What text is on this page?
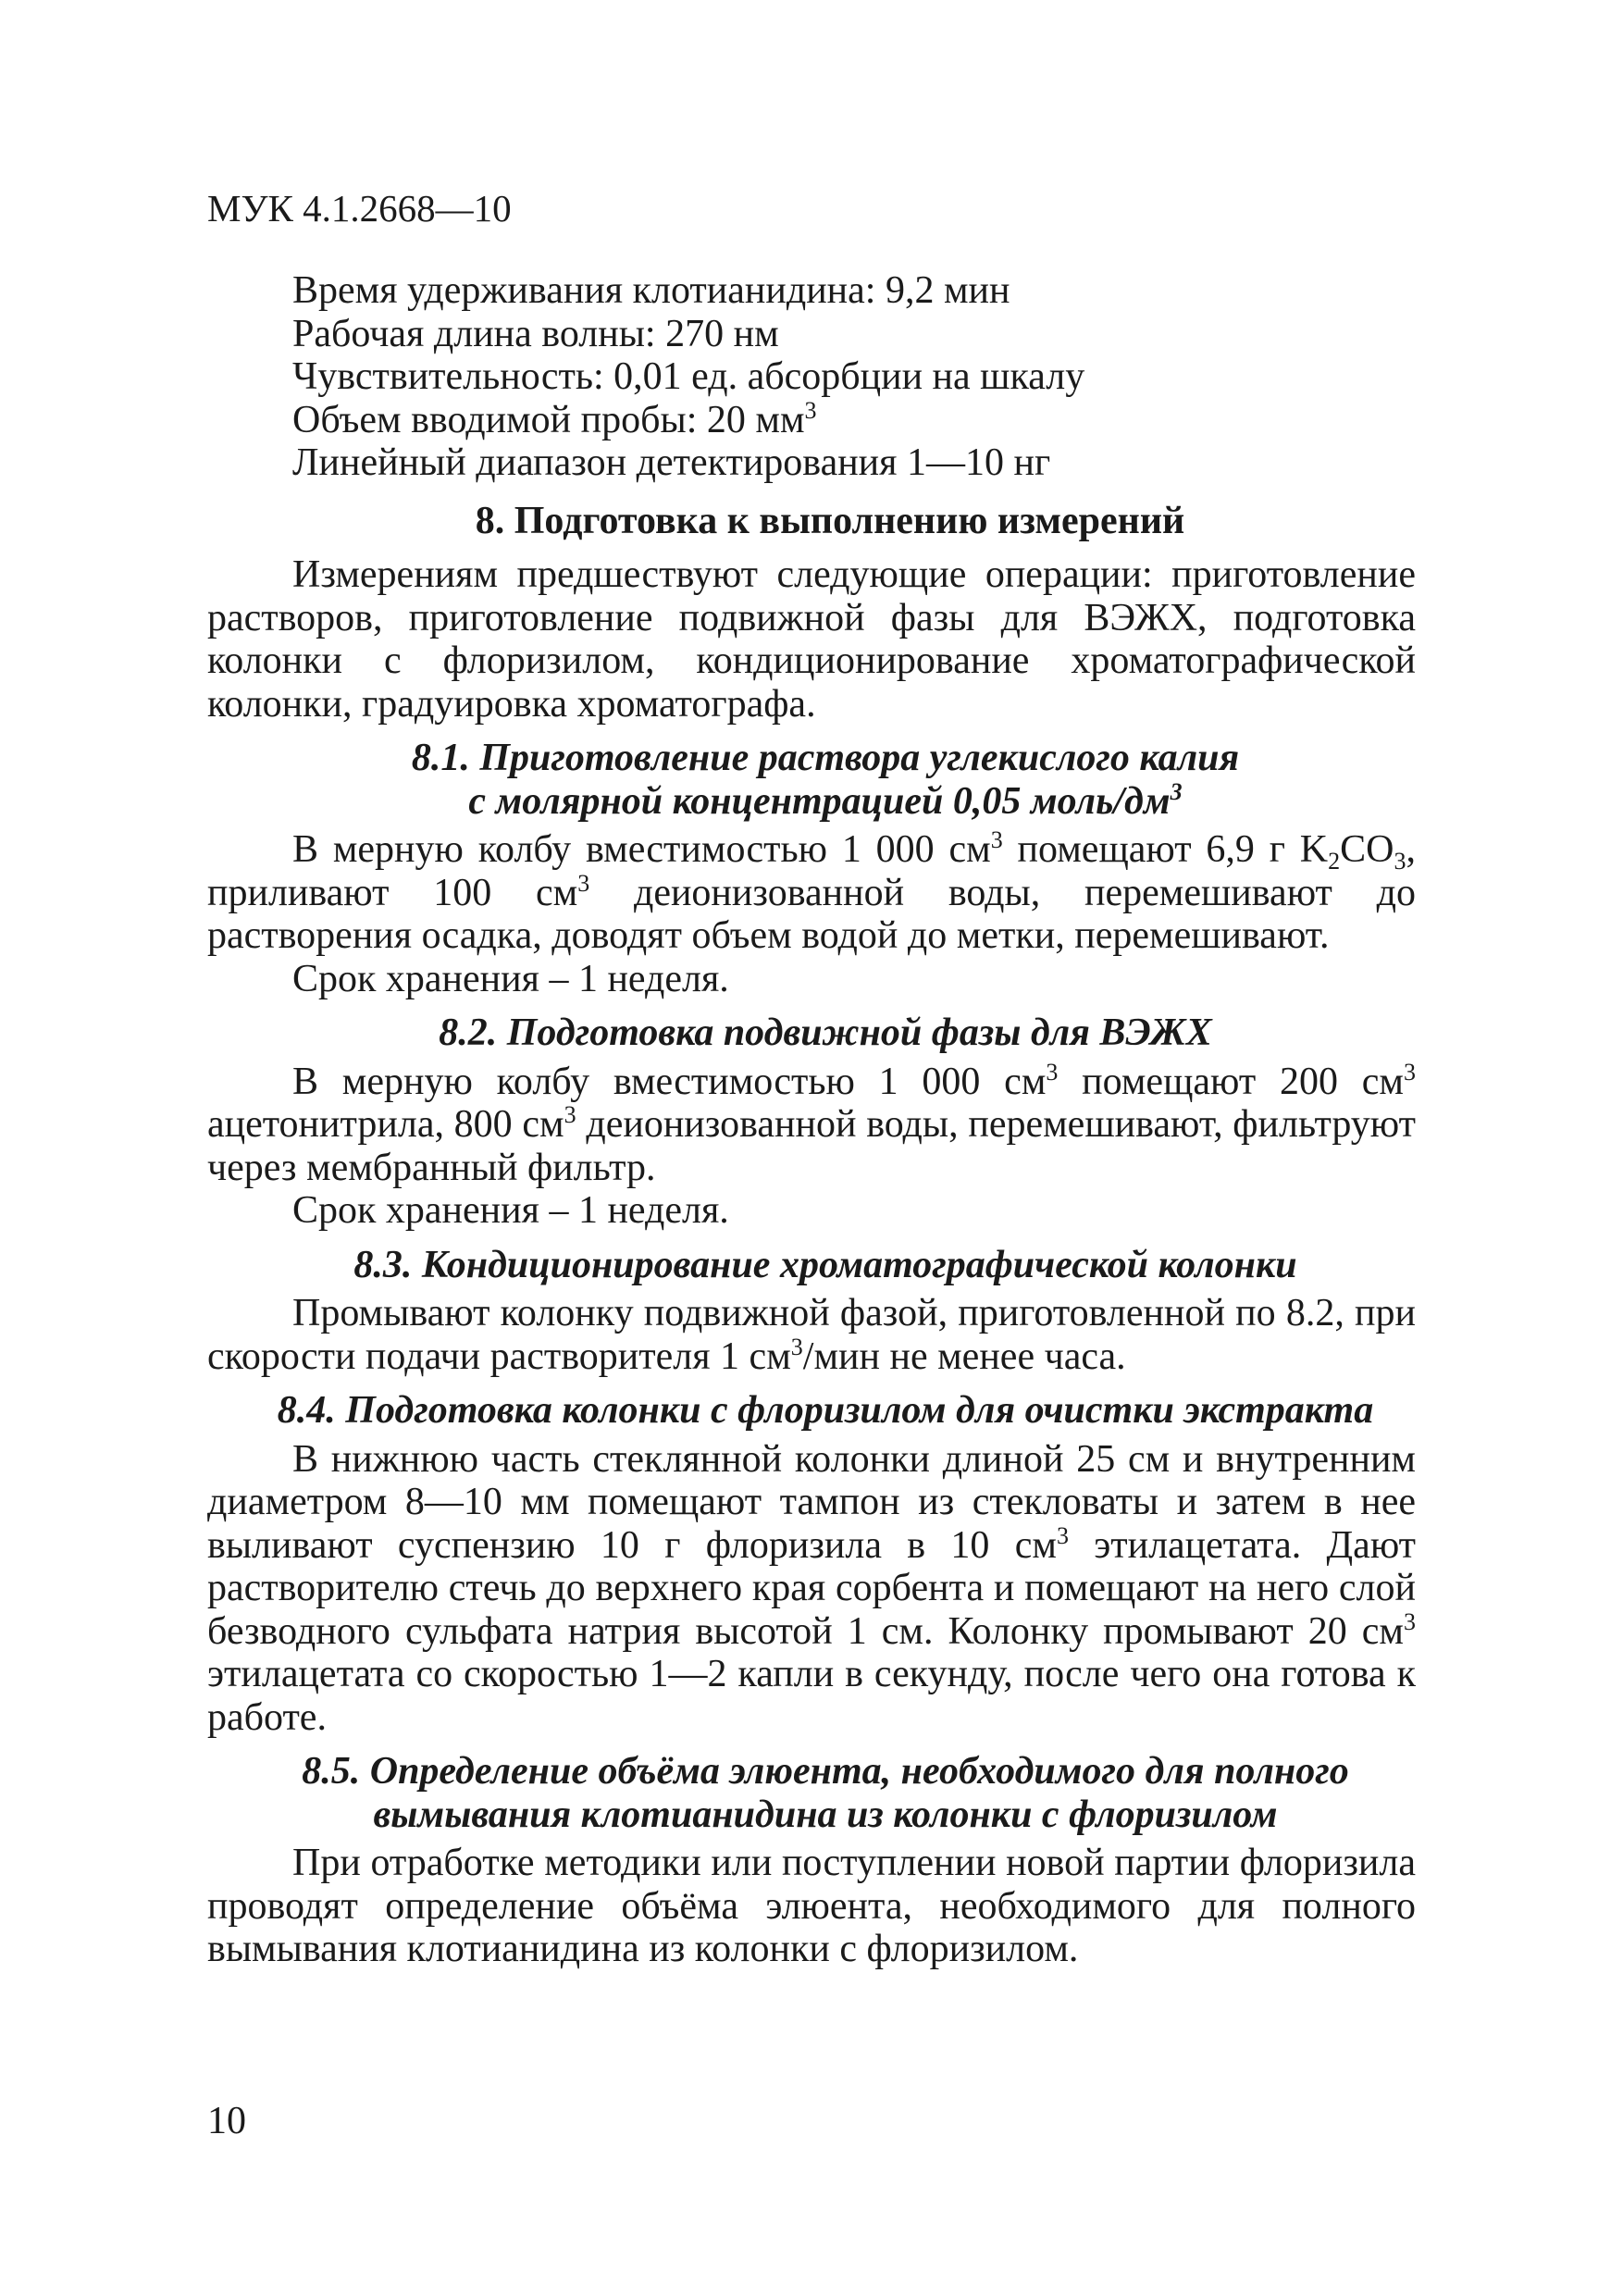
МУК 4.1.2668—10

Время удерживания клотианидина: 9,2 мин

Рабочая длина волны: 270 нм

Чувствительность: 0,01 ед. абсорбции на шкалу

Объем вводимой пробы: 20 $мм^3$

Линейный диапазон детектирования 1—10 нг

8. Подготовка к выполнению измерений

Измерениям предшествуют следующие операции: приготовление растворов, приготовление подвижной фазы для ВЭЖХ, подготовка колонки с флоризилом, кондиционирование хроматографической колонки, градуировка хроматографа.

8.1. Приготовление раствора углекислого калия
с молярной концентрацией 0,05 моль/$дм^3$

В мерную колбу вместимостью 1 000 $см^3$ помещают 6,9 г $K_2CO_3$, приливают 100 $см^3$ деионизованной воды, перемешивают до растворения осадка, доводят объем водой до метки, перемешивают.

Срок хранения – 1 неделя.

8.2. Подготовка подвижной фазы для ВЭЖХ

В мерную колбу вместимостью 1 000 $см^3$ помещают 200 $см^3$ ацетонитрила, 800 $см^3$ деионизованной воды, перемешивают, фильтруют через мембранный фильтр.

Срок хранения – 1 неделя.

8.3. Кондиционирование хроматографической колонки

Промывают колонку подвижной фазой, приготовленной по 8.2, при скорости подачи растворителя 1 $см^3$/мин не менее часа.

8.4. Подготовка колонки с флоризилом для очистки экстракта

В нижнюю часть стеклянной колонки длиной 25 см и внутренним диаметром 8—10 мм помещают тампон из стекловаты и затем в нее выливают суспензию 10 г флоризила в 10 $см^3$ этилацетата. Дают растворителю стечь до верхнего края сорбента и помещают на него слой безводного сульфата натрия высотой 1 см. Колонку промывают 20 $см^3$ этилацетата со скоростью 1—2 капли в секунду, после чего она готова к работе.

8.5. Определение объёма элюента, необходимого для полного
вымывания клотианидина из колонки с флоризилом

При отработке методики или поступлении новой партии флоризила проводят определение объёма элюента, необходимого для полного вымывания клотианидина из колонки с флоризилом.

10
